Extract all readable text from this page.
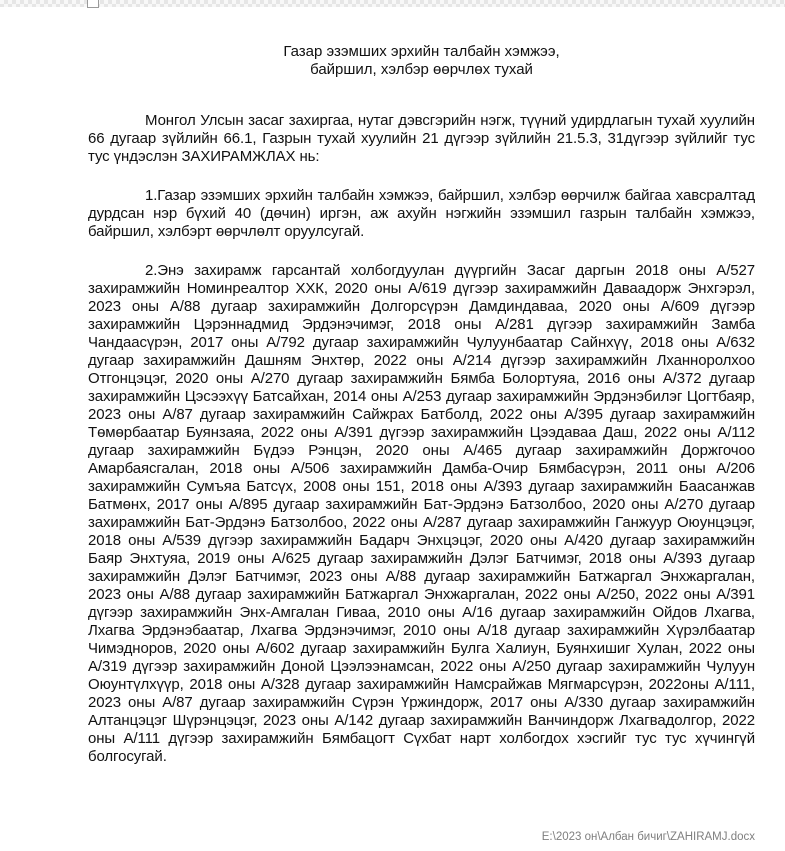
Газар эзэмших эрхийн талбайн хэмжээ,
байршил, хэлбэр өөрчлөх тухай

Монгол Улсын засаг захиргаа, нутаг дэвсгэрийн нэгж, түүний удирдлагын тухай хуулийн 66 дугаар зүйлийн 66.1, Газрын тухай хуулийн 21 дүгээр зүйлийн 21.5.3, 31дүгээр зүйлийг тус тус үндэслэн ЗАХИРАМЖЛАХ нь:

1.Газар эзэмших эрхийн талбайн хэмжээ, байршил, хэлбэр өөрчилж байгаа хавсралтад дурдсан нэр бүхий 40 (дөчин) иргэн, аж ахуйн нэгжийн эзэмшил газрын талбайн хэмжээ, байршил, хэлбэрт өөрчлөлт оруулсугай.

2.Энэ захирамж гарсантай холбогдуулан дүүргийн Засаг даргын 2018 оны А/527 захирамжийн Номинреалтор ХХК, 2020 оны А/619 дүгээр захирамжийн Даваадорж Энхгэрэл, 2023 оны А/88 дугаар захирамжийн Долгорсүрэн Дамдиндаваа, 2020 оны А/609 дүгээр захирамжийн Цэрэннадмид Эрдэнэчимэг, 2018 оны А/281 дүгээр захирамжийн Замба Чандаасүрэн, 2017 оны А/792 дугаар захирамжийн Чулуунбаатар Сайнхүү, 2018 оны А/632 дугаар захирамжийн Дашням Энхтөр, 2022 оны А/214 дүгээр захирамжийн Лханноролхоо Отгонцэцэг, 2020 оны А/270 дугаар захирамжийн Бямба Болортуяа, 2016 оны А/372 дугаар захирамжийн Цэсээхүү Батсайхан, 2014 оны А/253 дугаар захирамжийн Эрдэнэбилэг Цогтбаяр, 2023 оны А/87 дугаар захирамжийн Сайжрах Батболд, 2022 оны А/395 дугаар захирамжийн Төмөрбаатар Буянзаяа, 2022 оны А/391 дүгээр захирамжийн Цээдаваа Даш, 2022 оны А/112 дугаар захирамжийн Бүдээ Рэнцэн, 2020 оны А/465 дугаар захирамжийн Доржгочоо Амарбаясгалан, 2018 оны А/506 захирамжийн Дамба-Очир Бямбасүрэн, 2011 оны А/206 захирамжийн Сумъяа Батсүх, 2008 оны 151, 2018 оны А/393 дугаар захирамжийн Баасанжав Батмөнх, 2017 оны А/895 дугаар захирамжийн Бат-Эрдэнэ Батзолбоо, 2020 оны А/270 дугаар захирамжийн Бат-Эрдэнэ Батзолбоо, 2022 оны А/287 дугаар захирамжийн Ганжуур Оюунцэцэг, 2018 оны А/539 дүгээр захирамжийн Бадарч Энхцэцэг, 2020 оны А/420 дугаар захирамжийн Баяр Энхтуяа, 2019 оны А/625 дугаар захирамжийн Дэлэг Батчимэг, 2018 оны А/393 дугаар захирамжийн Дэлэг Батчимэг, 2023 оны А/88 дугаар захирамжийн Батжаргал Энхжаргалан, 2023 оны А/88 дугаар захирамжийн Батжаргал Энхжаргалан, 2022 оны А/250, 2022 оны А/391 дүгээр захирамжийн Энх-Амгалан Гиваа, 2010 оны А/16 дугаар захирамжийн Ойдов Лхагва, Лхагва Эрдэнэбаатар, Лхагва Эрдэнэчимэг, 2010 оны А/18 дугаар захирамжийн Хүрэлбаатар Чимэдноров, 2020 оны А/602 дугаар захирамжийн Булга Халиун, Буянхишиг Хулан, 2022 оны А/319 дүгээр захирамжийн Доной Цээлээнамсан, 2022 оны А/250 дугаар захирамжийн Чулуун Оюунтүлхүүр, 2018 оны А/328 дугаар захирамжийн Намсрайжав Мягмарсүрэн, 2022оны А/111, 2023 оны А/87 дугаар захирамжийн Сүрэн Үржиндорж, 2017 оны А/330 дугаар захирамжийн Алтанцэцэг Шүрэнцэцэг, 2023 оны А/142 дугаар захирамжийн Ванчиндорж Лхагвадолгор, 2022 оны А/111 дүгээр захирамжийн Бямбацогт Сүхбат нарт холбогдох хэсгийг тус тус хүчингүй болгосугай.

E:\2023 он\Албан бичиг\ZAHIRAMJ.docx
